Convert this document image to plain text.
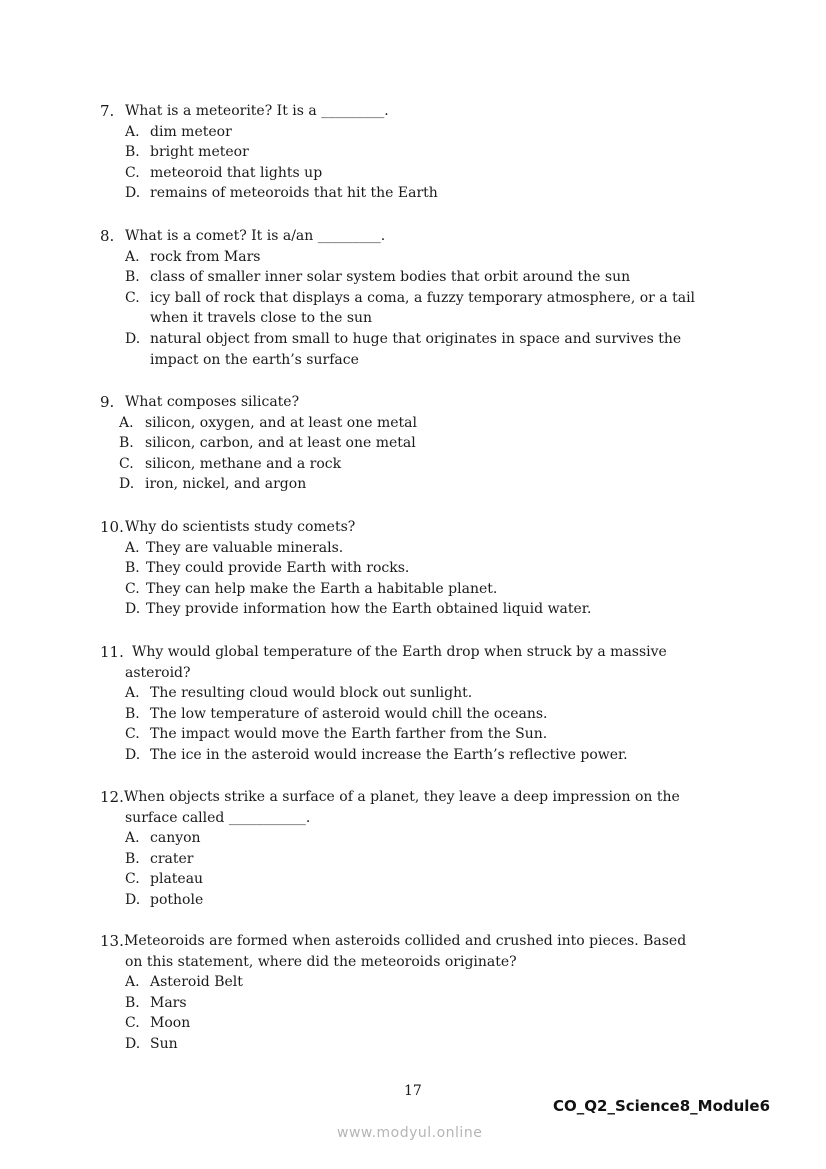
7. What is a meteorite? It is a _________.
A. dim meteor
B. bright meteor
C. meteoroid that lights up
D. remains of meteoroids that hit the Earth
8. What is a comet? It is a/an _________.
A. rock from Mars
B. class of smaller inner solar system bodies that orbit around the sun
C. icy ball of rock that displays a coma, a fuzzy temporary atmosphere, or a tail
when it travels close to the sun
D. natural object from small to huge that originates in space and survives the
impact on the earth’s surface
9. What composes silicate?
A. silicon, oxygen, and at least one metal
B. silicon, carbon, and at least one metal
C. silicon, methane and a rock
D. iron, nickel, and argon
10. Why do scientists study comets?
A. They are valuable minerals.
B. They could provide Earth with rocks.
C. They can help make the Earth a habitable planet.
D. They provide information how the Earth obtained liquid water.
11. Why would global temperature of the Earth drop when struck by a massive
asteroid?
A. The resulting cloud would block out sunlight.
B. The low temperature of asteroid would chill the oceans.
C. The impact would move the Earth farther from the Sun.
D. The ice in the asteroid would increase the Earth’s reflective power.
12. When objects strike a surface of a planet, they leave a deep impression on the
surface called ___________.
A. canyon
B. crater
C. plateau
D. pothole
13. Meteoroids are formed when asteroids collided and crushed into pieces. Based
on this statement, where did the meteoroids originate?
A. Asteroid Belt
B. Mars
C. Moon
D. Sun
17
CO_Q2_Science8_Module6
www.modyul.online
